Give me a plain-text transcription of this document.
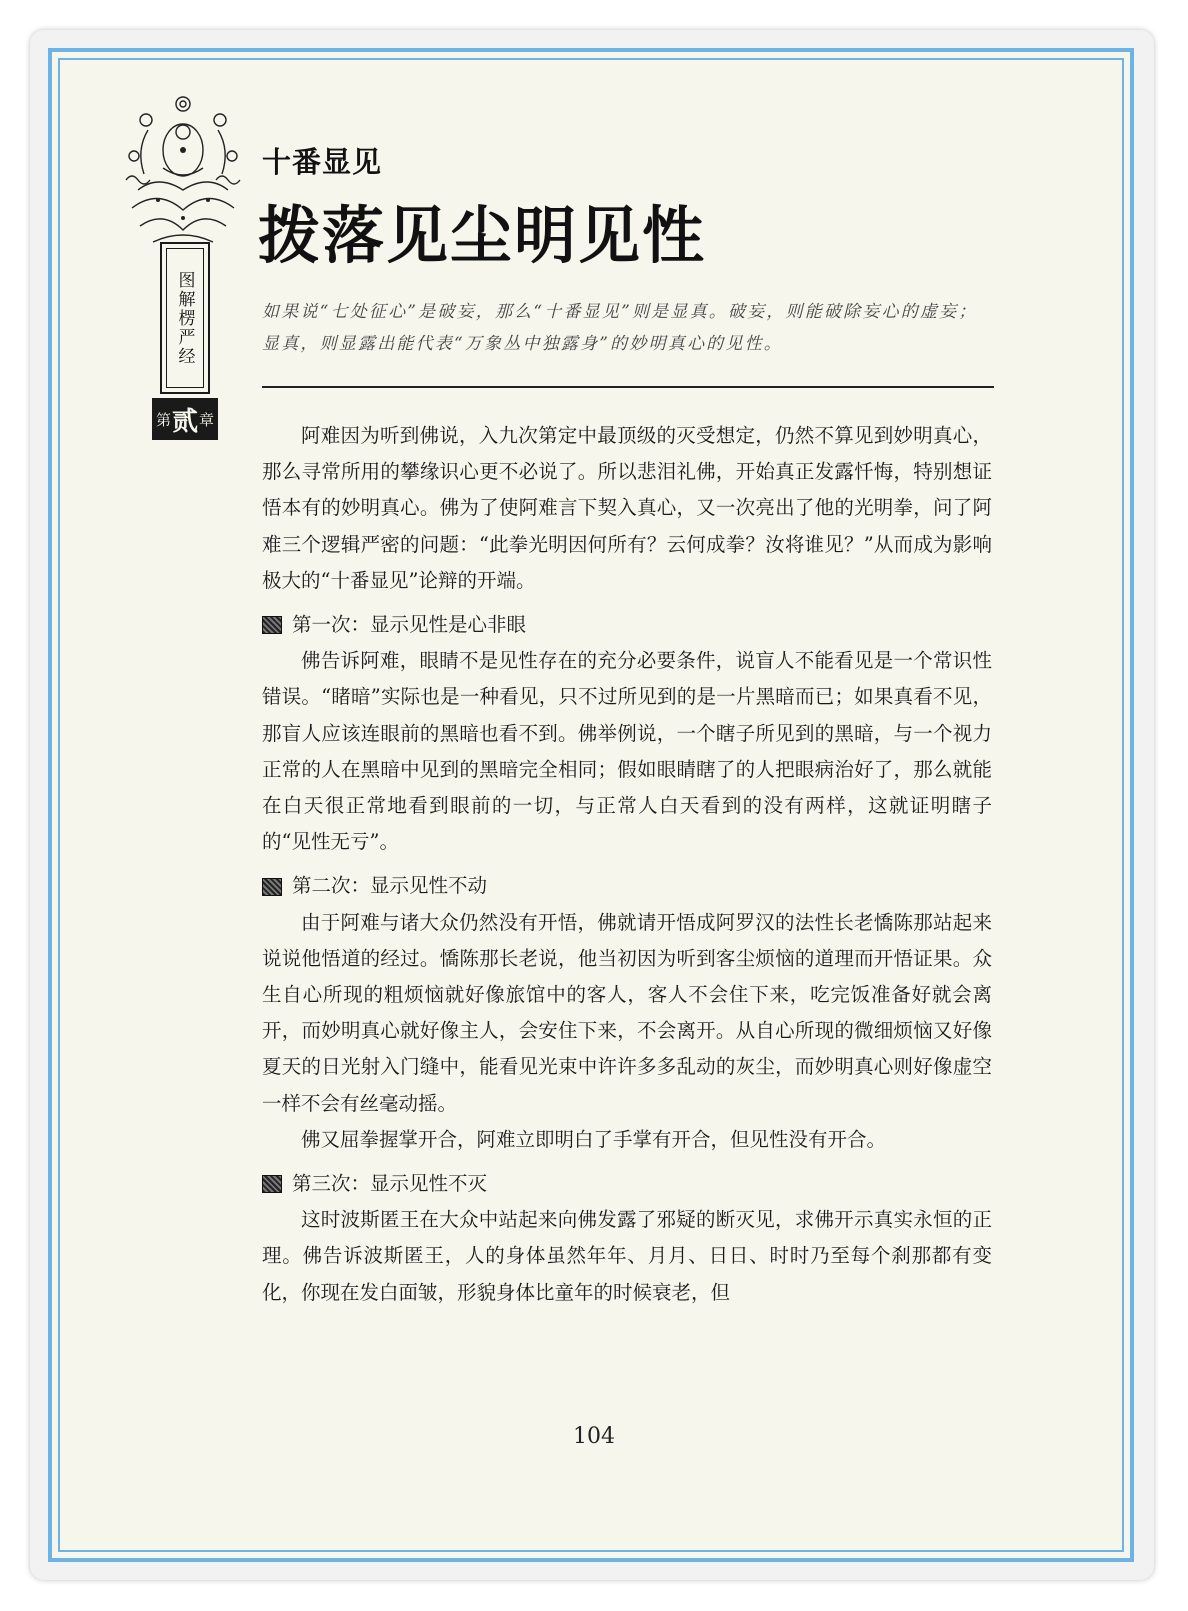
图解楞严经
第 贰 章
十番显见
拨落见尘明见性
如果说“七处征心”是破妄，那么“十番显见”则是显真。破妄，则能破除妄心的虚妄；显真，则显露出能代表“万象丛中独露身”的妙明真心的见性。

阿难因为听到佛说，入九次第定中最顶级的灭受想定，仍然不算见到妙明真心，那么寻常所用的攀缘识心更不必说了。所以悲泪礼佛，开始真正发露忏悔，特别想证悟本有的妙明真心。佛为了使阿难言下契入真心，又一次亮出了他的光明拳，问了阿难三个逻辑严密的问题：“此拳光明因何所有？云何成拳？汝将谁见？”从而成为影响极大的“十番显见”论辩的开端。

第一次：显示见性是心非眼

佛告诉阿难，眼睛不是见性存在的充分必要条件，说盲人不能看见是一个常识性错误。“睹暗”实际也是一种看见，只不过所见到的是一片黑暗而已；如果真看不见，那盲人应该连眼前的黑暗也看不到。佛举例说，一个瞎子所见到的黑暗，与一个视力正常的人在黑暗中见到的黑暗完全相同；假如眼睛瞎了的人把眼病治好了，那么就能在白天很正常地看到眼前的一切，与正常人白天看到的没有两样，这就证明瞎子的“见性无亏”。

第二次：显示见性不动

由于阿难与诸大众仍然没有开悟，佛就请开悟成阿罗汉的法性长老憍陈那站起来说说他悟道的经过。憍陈那长老说，他当初因为听到客尘烦恼的道理而开悟证果。众生自心所现的粗烦恼就好像旅馆中的客人，客人不会住下来，吃完饭准备好就会离开，而妙明真心就好像主人，会安住下来，不会离开。从自心所现的微细烦恼又好像夏天的日光射入门缝中，能看见光束中许许多多乱动的灰尘，而妙明真心则好像虚空一样不会有丝毫动摇。

佛又屈拳握掌开合，阿难立即明白了手掌有开合，但见性没有开合。

第三次：显示见性不灭

这时波斯匿王在大众中站起来向佛发露了邪疑的断灭见，求佛开示真实永恒的正理。佛告诉波斯匿王，人的身体虽然年年、月月、日日、时时乃至每个刹那都有变化，你现在发白面皱，形貌身体比童年的时候衰老，但

104
